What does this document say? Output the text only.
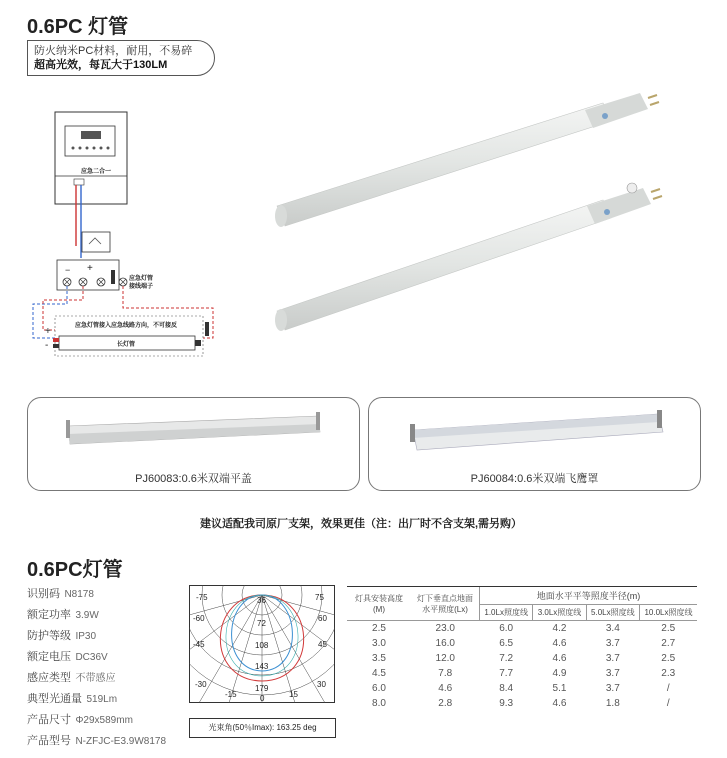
0.6PC 灯管
防火纳米PC材料，耐用，不易碎
超高光效，每瓦大于130LM
应急二合一
− +
应急灯管
接线端子
应急灯管接入应急线路方向，不可接反
+
-	长灯管
PJ60083:0.6米双端平盖	PJ60084:0.6米双端飞鹰罩
建议适配我司原厂支架，效果更佳（注：出厂时不含支架,需另购）
0.6PC灯管
识别码 N8178
额定功率 3.9W
防护等级 IP30
额定电压 DC36V
感应类型 不带感应
典型光通量 519Lm
产品尺寸 Φ29x589mm
产品型号 N-ZFJC-E3.9W8178
36
72
108
143
179
-75	75
-60	60
-45	45
-30	30
-15	0	15
光束角(50％Imax): 163.25 deg
灯具安装高度(M)	灯下垂直点地面水平照度(Lx)	地面水平平等照度半径(m)			
		1.0Lx照度线	3.0Lx照度线	5.0Lx照度线	10.0Lx照度线
2.5	23.0	6.0	4.2	3.4	2.5
3.0	16.0	6.5	4.6	3.7	2.7
3.5	12.0	7.2	4.6	3.7	2.5
4.5	7.8	7.7	4.9	3.7	2.3
6.0	4.6	8.4	5.1	3.7	/
8.0	2.8	9.3	4.6	1.8	/
